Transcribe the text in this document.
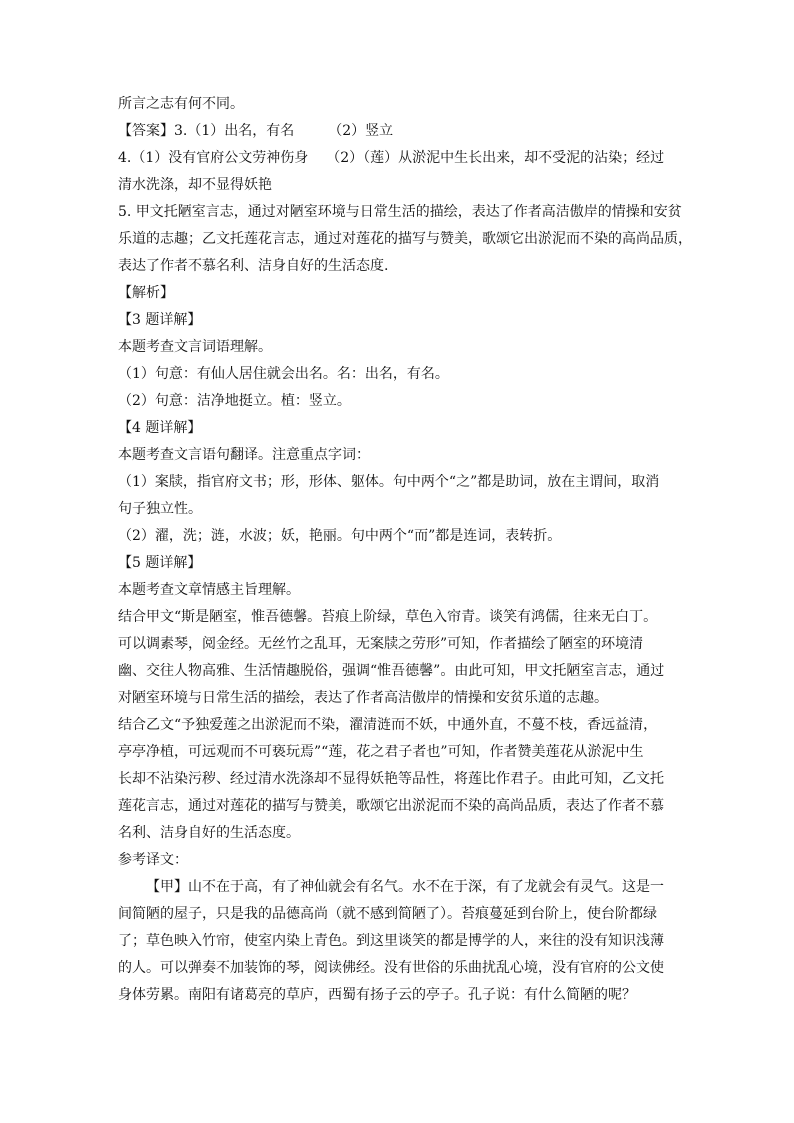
所言之志有何不同。
【答案】3.（1）出名，有名 （2）竖立
4.（1）没有官府公文劳神伤身 （2）（莲）从淤泥中生长出来，却不受泥的沾染；经过
清水洗涤，却不显得妖艳
5. 甲文托陋室言志，通过对陋室环境与日常生活的描绘，表达了作者高洁傲岸的情操和安贫
乐道的志趣；乙文托莲花言志，通过对莲花的描写与赞美，歌颂它出淤泥而不染的高尚品质，
表达了作者不慕名利、洁身自好的生活态度.
【解析】
【3 题详解】
本题考查文言词语理解。
（1）句意：有仙人居住就会出名。名：出名，有名。
（2）句意：洁净地挺立。植：竖立。
【4 题详解】
本题考查文言语句翻译。注意重点字词：
（1）案牍，指官府文书；形，形体、躯体。句中两个“之”都是助词，放在主谓间，取消
句子独立性。
（2）濯，洗；涟，水波；妖，艳丽。句中两个“而”都是连词，表转折。
【5 题详解】
本题考查文章情感主旨理解。
结合甲文“斯是陋室，惟吾德馨。苔痕上阶绿，草色入帘青。谈笑有鸿儒，往来无白丁。
可以调素琴，阅金经。无丝竹之乱耳，无案牍之劳形”可知，作者描绘了陋室的环境清
幽、交往人物高雅、生活情趣脱俗，强调“惟吾德馨”。由此可知，甲文托陋室言志，通过
对陋室环境与日常生活的描绘，表达了作者高洁傲岸的情操和安贫乐道的志趣。
结合乙文“予独爱莲之出淤泥而不染，濯清涟而不妖，中通外直，不蔓不枝，香远益清，
亭亭净植，可远观而不可亵玩焉”“莲，花之君子者也”可知，作者赞美莲花从淤泥中生
长却不沾染污秽、经过清水洗涤却不显得妖艳等品性，将莲比作君子。由此可知，乙文托
莲花言志，通过对莲花的描写与赞美，歌颂它出淤泥而不染的高尚品质，表达了作者不慕
名利、洁身自好的生活态度。
参考译文：
【甲】山不在于高，有了神仙就会有名气。水不在于深，有了龙就会有灵气。这是一
间简陋的屋子，只是我的品德高尚（就不感到简陋了）。苔痕蔓延到台阶上，使台阶都绿
了；草色映入竹帘，使室内染上青色。到这里谈笑的都是博学的人，来往的没有知识浅薄
的人。可以弹奏不加装饰的琴，阅读佛经。没有世俗的乐曲扰乱心境，没有官府的公文使
身体劳累。南阳有诸葛亮的草庐，西蜀有扬子云的亭子。孔子说：有什么简陋的呢？
